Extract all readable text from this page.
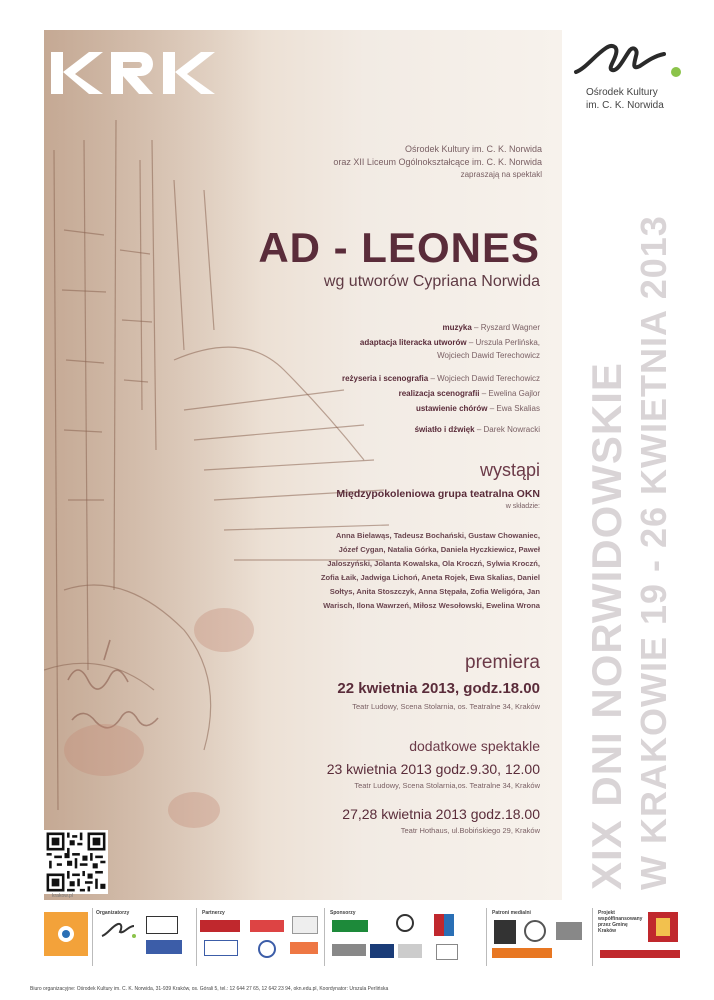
Ośrodek Kultury im. C. K. Norwida
oraz XII Liceum Ogólnokształcące im. C. K. Norwida
zapraszają na spektakl
AD - LEONES
wg utworów Cypriana Norwida
muzyka – Ryszard Wagner
adaptacja literacka utworów – Urszula Perlińska,
Wojciech Dawid Terechowicz
reżyseria i scenografia – Wojciech Dawid Terechowicz
realizacja scenografii – Ewelina Gajlor
ustawienie chórów – Ewa Skalias
światło i dźwięk – Darek Nowracki
wystąpi
Międzypokoleniowa grupa teatralna OKN
w składzie:
Anna Bielawąs, Tadeusz Bochański, Gustaw Chowaniec,
Józef Cygan, Natalia Górka, Daniela Hyczkiewicz, Paweł
Jaloszyński, Jolanta Kowalska, Ola Kroczń, Sylwia Kroczń,
Zofia Łaik, Jadwiga Lichoń, Aneta Rojek, Ewa Skalias, Daniel
Sołtys, Anita Stoszczyk, Anna Stępała, Zofia Weligóra, Jan
Warisch, Ilona Wawrzeń, Miłosz Wesołowski, Ewelina Wrona
premiera
22 kwietnia 2013, godz.18.00
Teatr Ludowy, Scena Stolarnia, os. Teatralne 34, Kraków
dodatkowe spektakle
23 kwietnia 2013 godz.9.30, 12.00
Teatr Ludowy, Scena Stolarnia,os. Teatralne 34, Kraków
27,28 kwietnia 2013 godz.18.00
Teatr Hothaus, ul.Bobińskiego 29, Kraków
krakow.pl
Ośrodek Kultury
im. C. K. Norwida
XIX DNI NORWIDOWSKIE W KRAKOWIE 19 - 26 KWIETNIA 2013
Organizatorzy	Partnerzy	Sponsorzy	Patroni medialni	Projekt współfinansowany przez Gminę Kraków
Biuro organizacyjne: Ośrodek Kultury im. C. K. Norwida, 31-939 Kraków, os. Górali 5, tel.: 12 644 27 65, 12 642 23 94, okn.edu.pl, Koordynator: Urszula Perlińska
